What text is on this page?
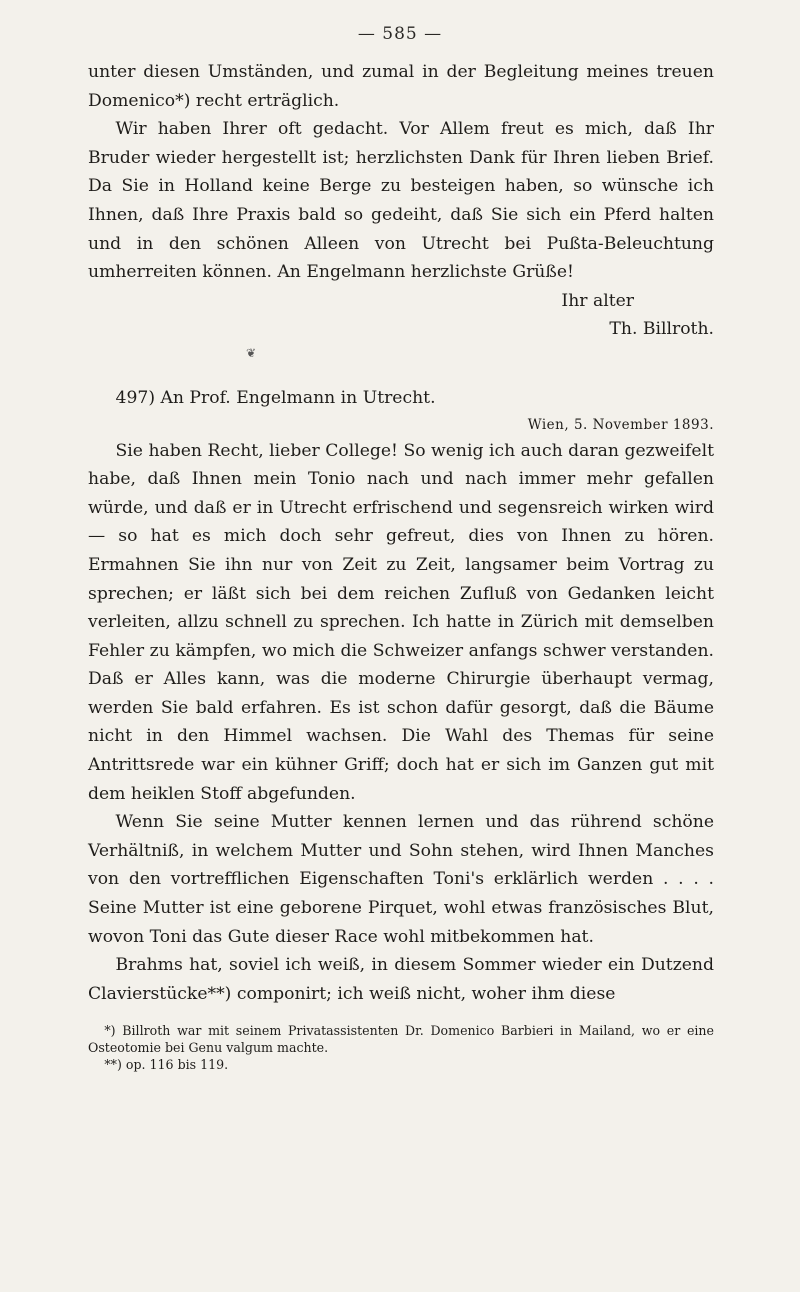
— 585 —

unter diesen Umständen, und zumal in der Begleitung meines treuen Domenico*) recht erträglich.

Wir haben Ihrer oft gedacht. Vor Allem freut es mich, daß Ihr Bruder wieder hergestellt ist; herzlichsten Dank für Ihren lieben Brief. Da Sie in Holland keine Berge zu besteigen haben, so wünsche ich Ihnen, daß Ihre Praxis bald so gedeiht, daß Sie sich ein Pferd halten und in den schönen Alleen von Utrecht bei Pußta-Beleuchtung umherreiten können. An Engelmann herzlichste Grüße!

Ihr alter

Th. Billroth.

❦

497) An Prof. Engelmann in Utrecht.

Wien, 5. November 1893.

Sie haben Recht, lieber College! So wenig ich auch daran gezweifelt habe, daß Ihnen mein Tonio nach und nach immer mehr gefallen würde, und daß er in Utrecht erfrischend und segensreich wirken wird — so hat es mich doch sehr gefreut, dies von Ihnen zu hören. Ermahnen Sie ihn nur von Zeit zu Zeit, langsamer beim Vortrag zu sprechen; er läßt sich bei dem reichen Zufluß von Gedanken leicht verleiten, allzu schnell zu sprechen. Ich hatte in Zürich mit demselben Fehler zu kämpfen, wo mich die Schweizer anfangs schwer verstanden. Daß er Alles kann, was die moderne Chirurgie überhaupt vermag, werden Sie bald erfahren. Es ist schon dafür gesorgt, daß die Bäume nicht in den Himmel wachsen. Die Wahl des Themas für seine Antrittsrede war ein kühner Griff; doch hat er sich im Ganzen gut mit dem heiklen Stoff abgefunden.

Wenn Sie seine Mutter kennen lernen und das rührend schöne Verhältniß, in welchem Mutter und Sohn stehen, wird Ihnen Manches von den vortrefflichen Eigenschaften Toni's erklärlich werden . . . . Seine Mutter ist eine geborene Pirquet, wohl etwas französisches Blut, wovon Toni das Gute dieser Race wohl mitbekommen hat.

Brahms hat, soviel ich weiß, in diesem Sommer wieder ein Dutzend Clavierstücke**) componirt; ich weiß nicht, woher ihm diese

*) Billroth war mit seinem Privatassistenten Dr. Domenico Barbieri in Mailand, wo er eine Osteotomie bei Genu valgum machte.

**) op. 116 bis 119.
